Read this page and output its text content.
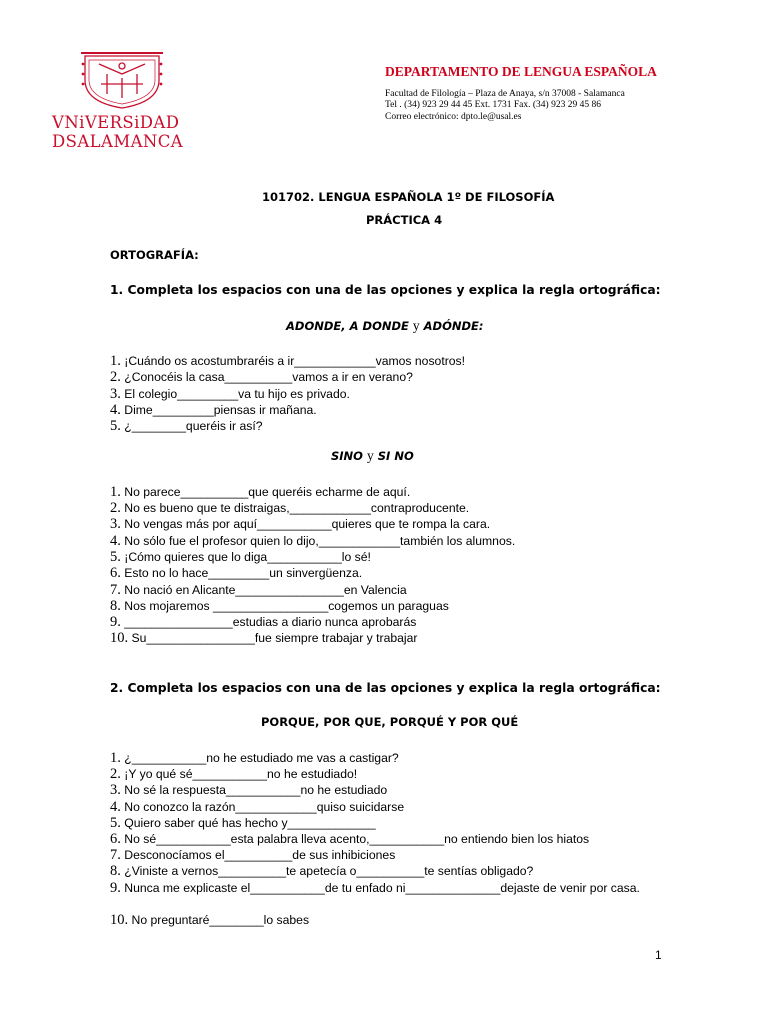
VNiVERSiDAD
DSALAMANCA
DEPARTAMENTO DE LENGUA ESPAÑOLA
Facultad de Filología – Plaza de Anaya, s/n 37008 - Salamanca
Tel . (34) 923 29 44 45 Ext. 1731 Fax. (34) 923 29 45 86
Correo electrónico: dpto.le@usal.es
101702. LENGUA ESPAÑOLA 1º DE FILOSOFÍA
PRÁCTICA 4
ORTOGRAFÍA:
1. Completa los espacios con una de las opciones y explica la regla ortográfica:
ADONDE, A DONDE y ADÓNDE:
1. ¡Cuándo os acostumbraréis a ir____________vamos nosotros!
2. ¿Conocéis la casa__________vamos a ir en verano?
3. El colegio_________va tu hijo es privado.
4. Dime_________piensas ir mañana.
5. ¿________queréis ir así?
SINO y SI NO
1. No parece__________que queréis echarme de aquí.
2. No es bueno que te distraigas,____________contraproducente.
3. No vengas más por aquí___________quieres que te rompa la cara.
4. No sólo fue el profesor quien lo dijo,____________también los alumnos.
5. ¡Cómo quieres que lo diga___________lo sé!
6. Esto no lo hace_________un sinvergüenza.
7. No nació en Alicante________________en Valencia
8. Nos mojaremos _________________cogemos un paraguas
9. ________________estudias a diario nunca aprobarás
10. Su________________fue siempre trabajar y trabajar
2. Completa los espacios con una de las opciones y explica la regla ortográfica:
PORQUE, POR QUE, PORQUÉ Y POR QUÉ
1. ¿___________no he estudiado me vas a castigar?
2. ¡Y yo qué sé___________no he estudiado!
3. No sé la respuesta___________no he estudiado
4. No conozco la razón____________quiso suicidarse
5. Quiero saber qué has hecho y_____________
6. No sé___________esta palabra lleva acento,___________no entiendo bien los hiatos
7. Desconocíamos el__________de sus inhibiciones
8. ¿Viniste a vernos__________te apetecía o__________te sentías obligado?
9. Nunca me explicaste el___________de tu enfado ni______________dejaste de venir por casa.
10. No preguntaré________lo sabes
1
